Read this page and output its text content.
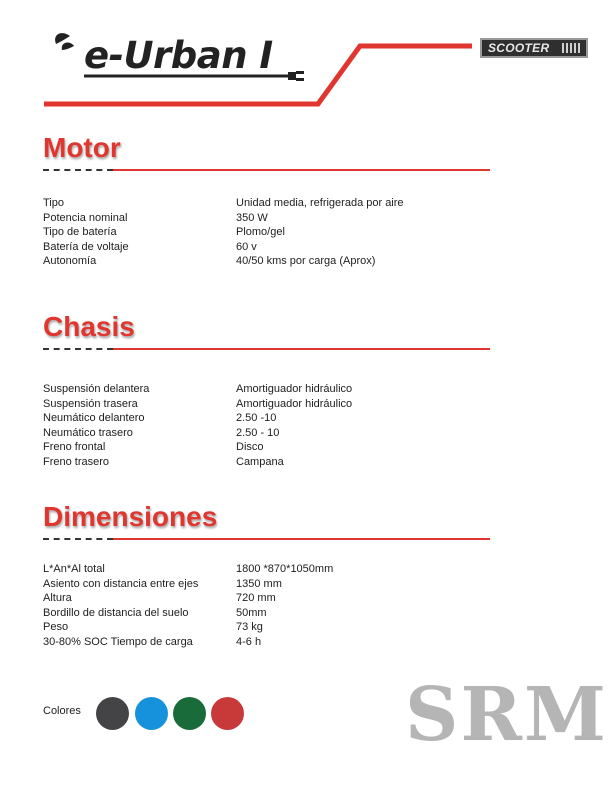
e-Urban I	SCOOTER
Motor
Tipo	Unidad media, refrigerada por aire
Potencia nominal	350 W
Tipo de batería	Plomo/gel
Batería de voltaje	60 v
Autonomía	40/50 kms por carga (Aprox)
Chasis
Suspensión delantera	Amortiguador hidráulico
Suspensión trasera	Amortiguador hidráulico
Neumático delantero	2.50 -10
Neumático trasero	2.50 - 10
Freno frontal	Disco
Freno trasero	Campana
Dimensiones
L*An*Al total	1800 *870*1050mm
Asiento con distancia entre ejes	1350 mm
Altura	720 mm
Bordillo de distancia del suelo	50mm
Peso	73 kg
30-80% SOC Tiempo de carga	4-6 h
Colores	SRM
